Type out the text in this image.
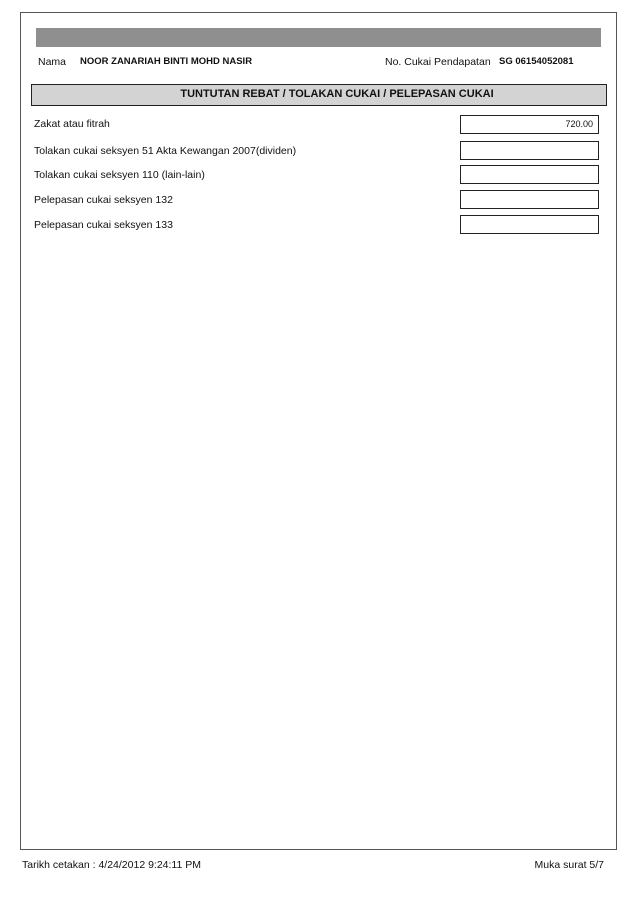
Nama NOOR ZANARIAH BINTI MOHD NASIR	No. Cukai Pendapatan SG 06154052081
TUNTUTAN REBAT / TOLAKAN CUKAI / PELEPASAN CUKAI
Zakat atau fitrah	720.00
Tolakan cukai seksyen 51 Akta Kewangan 2007(dividen)
Tolakan cukai seksyen 110 (lain-lain)
Pelepasan cukai seksyen 132
Pelepasan cukai seksyen 133
Tarikh cetakan : 4/24/2012 9:24:11 PM	Muka surat 5/7
